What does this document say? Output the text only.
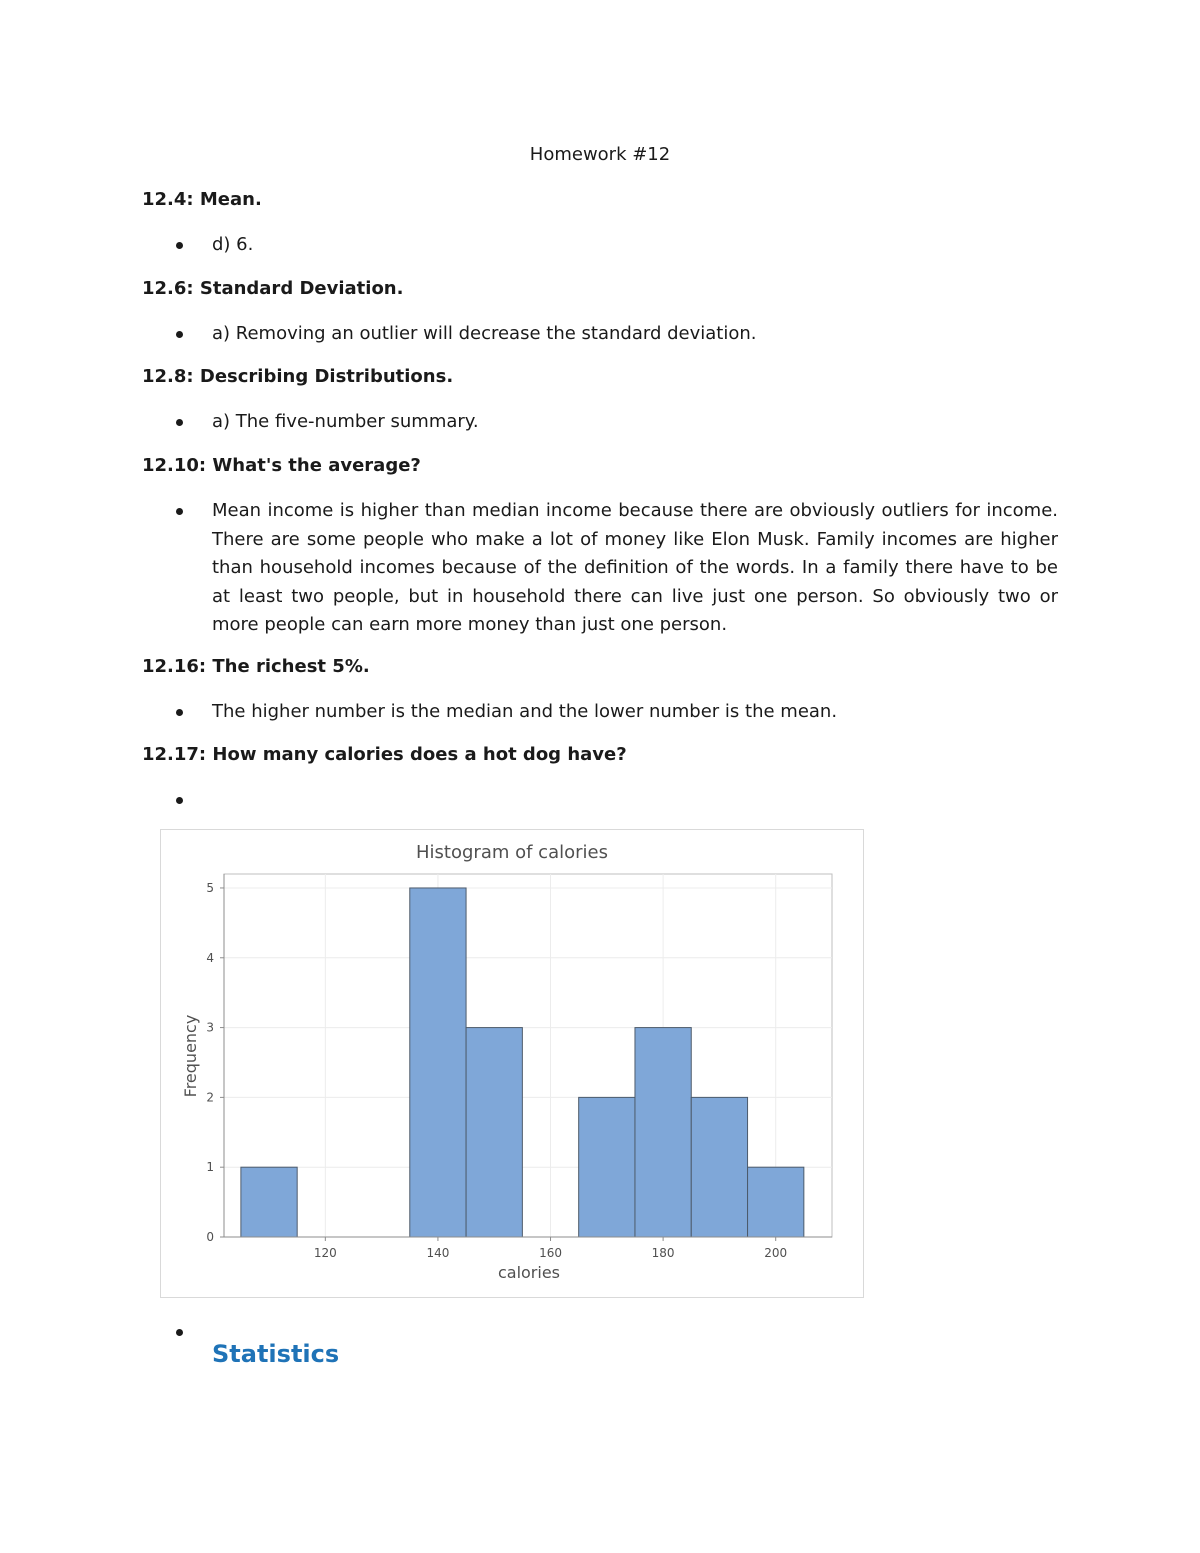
Homework #12

12.4: Mean.

d) 6.

12.6: Standard Deviation.

a) Removing an outlier will decrease the standard deviation.

12.8: Describing Distributions.

a) The five-number summary.

12.10: What's the average?

Mean income is higher than median income because there are obviously outliers for income. There are some people who make a lot of money like Elon Musk. Family incomes are higher than household incomes because of the definition of the words. In a family there have to be at least two people, but in household there can live just one person. So obviously two or more people can earn more money than just one person.

12.16: The richest 5%.

The higher number is the median and the lower number is the mean.

12.17: How many calories does a hot dog have?

Histogram of calories
120	140	160	180	200
0
1
2
3
4
5
calories
Frequency
Statistics
